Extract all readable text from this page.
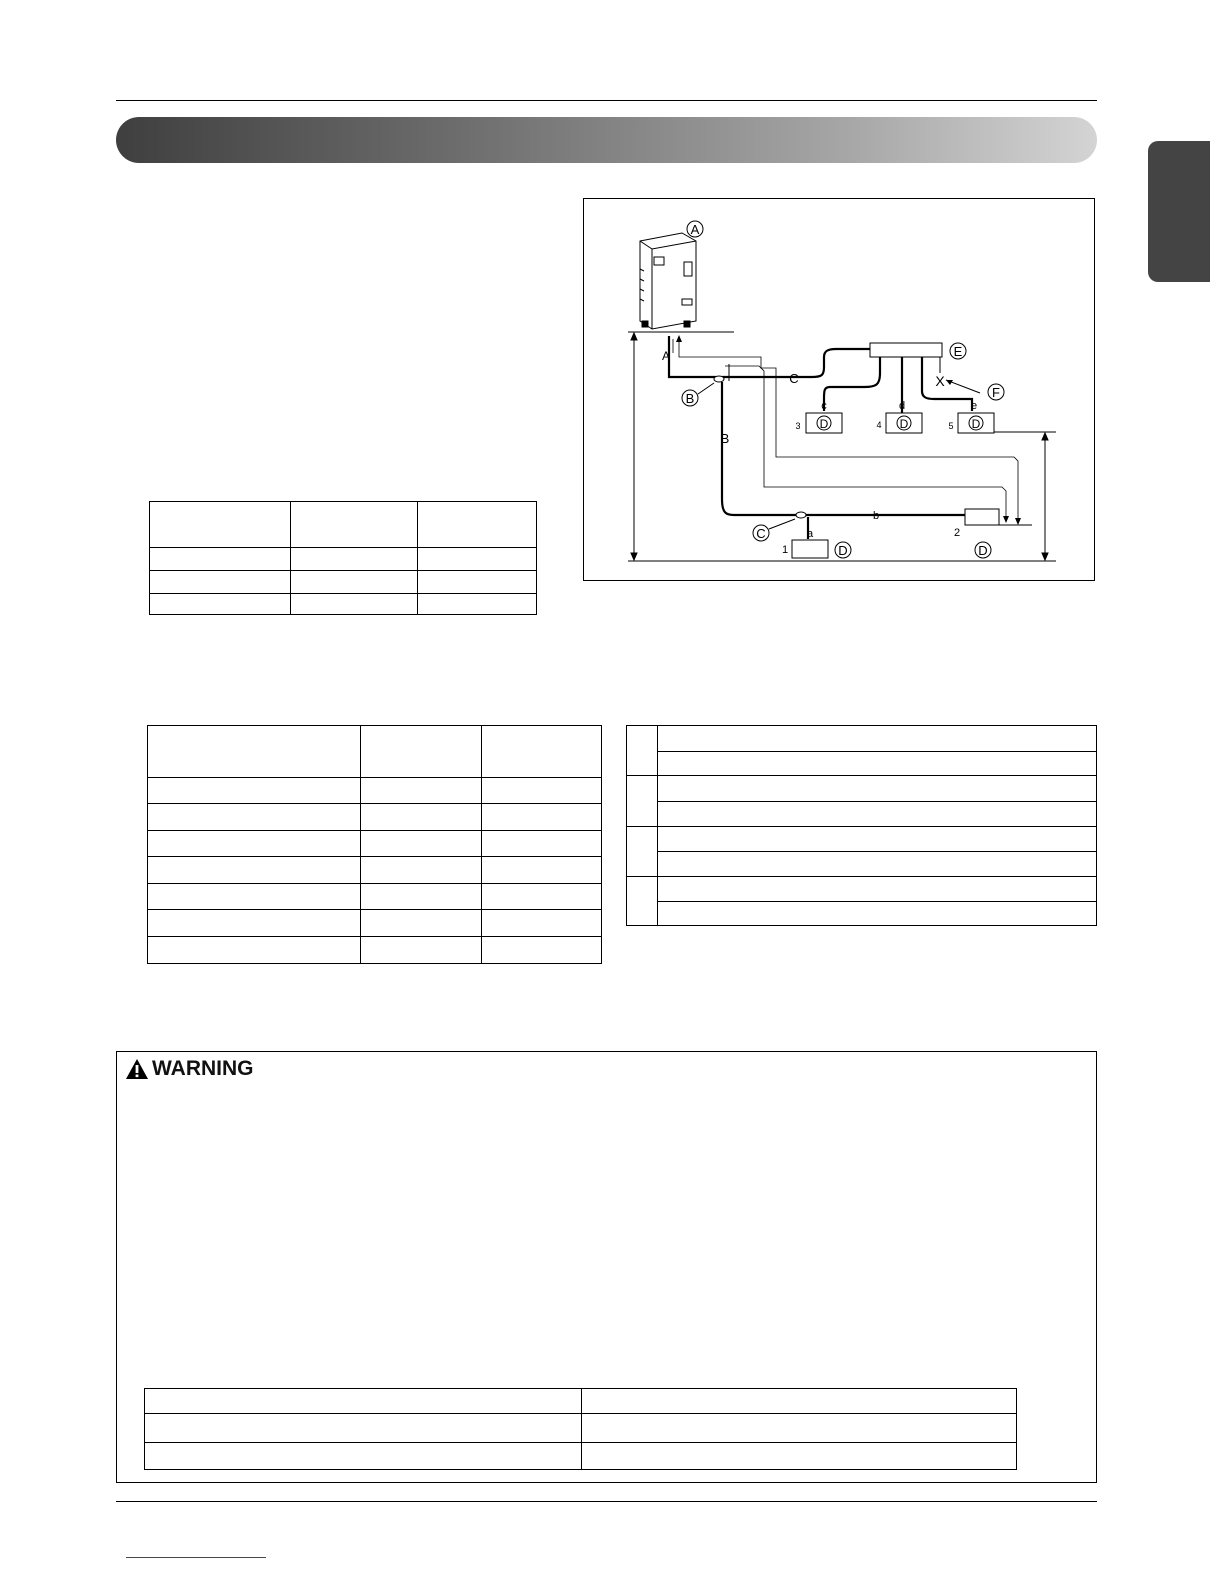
A
E
X
F
B
C
A
B
C
a
b
c	d	e
1	D
2
D
3 D	4 D	5 D

WARNING
